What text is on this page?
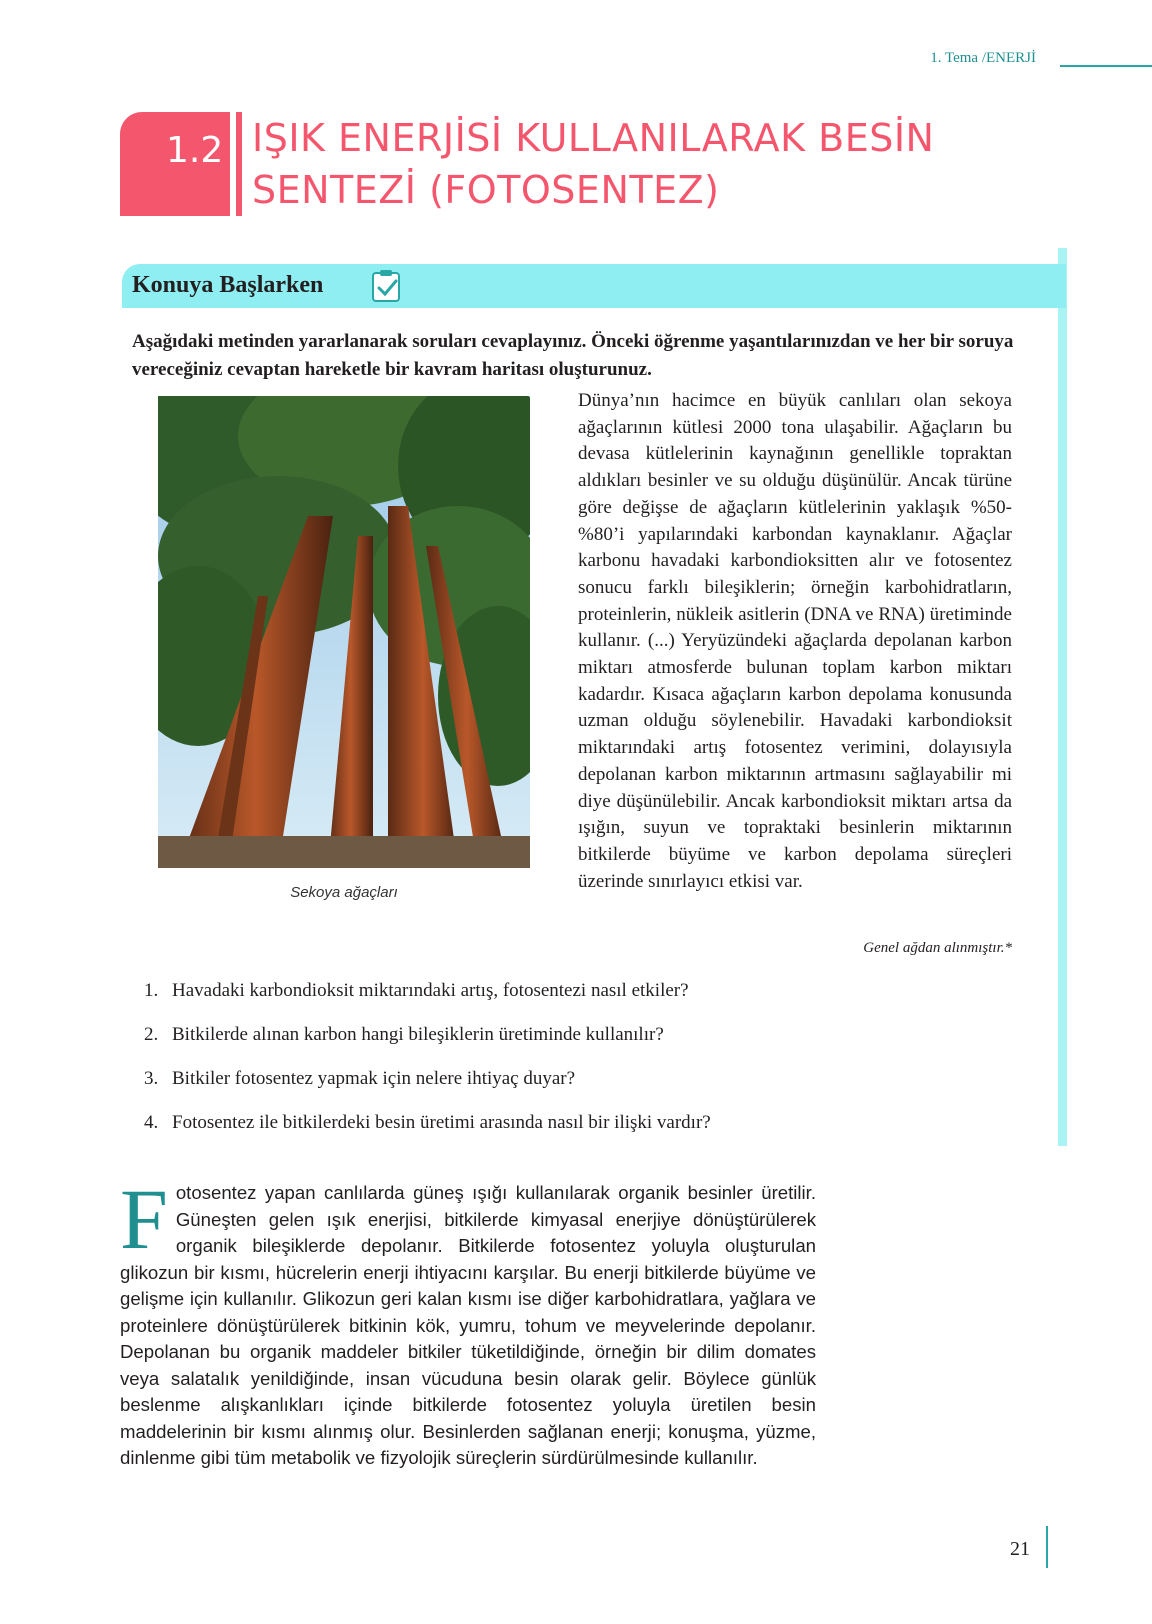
1. Tema /ENERJİ
1.2 IŞIK ENERJİSİ KULLANILARAK BESİN
SENTEZİ (FOTOSENTEZ)
Konuya Başlarken
Aşağıdaki metinden yararlanarak soruları cevaplayınız. Önceki öğrenme yaşantılarınızdan ve her bir soruya vereceğiniz cevaptan hareketle bir kavram haritası oluşturunuz.
Sekoya ağaçları

Dünya’nın hacimce en büyük canlıları olan sekoya ağaçlarının kütlesi 2000 tona ulaşabilir. Ağaçların bu devasa kütlelerinin kaynağının genellikle topraktan aldıkları besinler ve su olduğu düşünülür. Ancak türüne göre değişse de ağaçların kütlelerinin yaklaşık %50-%80’i yapılarındaki karbondan kaynaklanır. Ağaçlar karbonu havadaki karbondioksitten alır ve fotosentez sonucu farklı bileşiklerin; örneğin karbohidratların, proteinlerin, nükleik asitlerin (DNA ve RNA) üretiminde kullanır. (...) Yeryüzündeki ağaçlarda depolanan karbon miktarı atmosferde bulunan toplam karbon miktarı kadardır. Kısaca ağaçların karbon depolama konusunda uzman olduğu söylenebilir. Havadaki karbondioksit miktarındaki artış fotosentez verimini, dolayısıyla depolanan karbon miktarının artmasını sağlayabilir mi diye düşünülebilir. Ancak karbondioksit miktarı artsa da ışığın, suyun ve topraktaki besinlerin miktarının bitkilerde büyüme ve karbon depolama süreçleri üzerinde sınırlayıcı etkisi var.

Genel ağdan alınmıştır.*
1. Havadaki karbondioksit miktarındaki artış, fotosentezi nasıl etkiler?
2. Bitkilerde alınan karbon hangi bileşiklerin üretiminde kullanılır?
3. Bitkiler fotosentez yapmak için nelere ihtiyaç duyar?
4. Fotosentez ile bitkilerdeki besin üretimi arasında nasıl bir ilişki vardır?

Fotosentez yapan canlılarda güneş ışığı kullanılarak organik besinler üretilir. Güneşten gelen ışık enerjisi, bitkilerde kimyasal enerjiye dönüştürülerek organik bileşiklerde depolanır. Bitkilerde fotosentez yoluyla oluşturulan glikozun bir kısmı, hücrelerin enerji ihtiyacını karşılar. Bu enerji bitkilerde büyüme ve gelişme için kullanılır. Glikozun geri kalan kısmı ise diğer karbohidratlara, yağlara ve proteinlere dönüştürülerek bitkinin kök, yumru, tohum ve meyvelerinde depolanır. Depolanan bu organik maddeler bitkiler tüketildiğinde, örneğin bir dilim domates veya salatalık yenildiğinde, insan vücuduna besin olarak gelir. Böylece günlük beslenme alışkanlıkları içinde bitkilerde fotosentez yoluyla üretilen besin maddelerinin bir kısmı alınmış olur. Besinlerden sağlanan enerji; konuşma, yüzme, dinlenme gibi tüm metabolik ve fizyolojik süreçlerin sürdürülmesinde kullanılır.

21
